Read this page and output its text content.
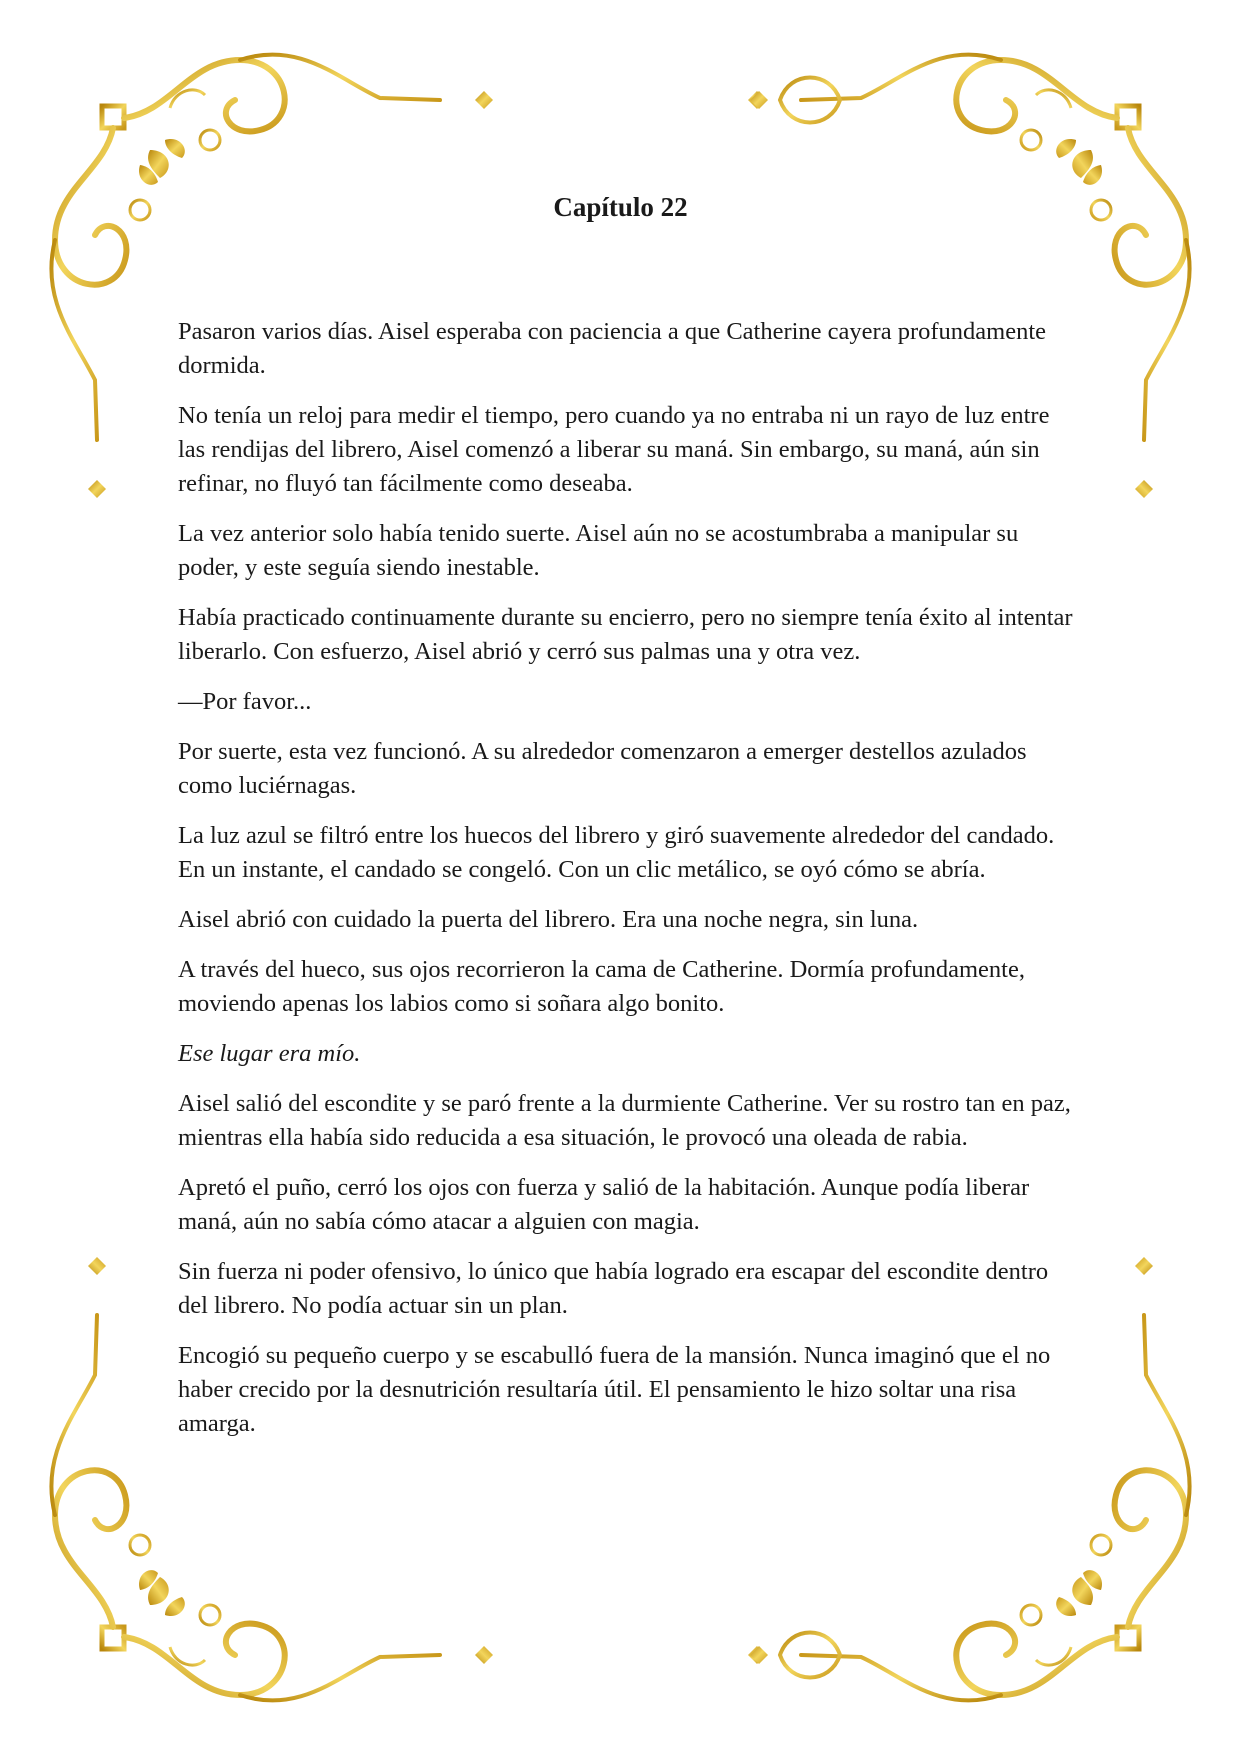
Capítulo 22

Pasaron varios días. Aisel esperaba con paciencia a que Catherine cayera profundamente dormida.

No tenía un reloj para medir el tiempo, pero cuando ya no entraba ni un rayo de luz entre las rendijas del librero, Aisel comenzó a liberar su maná. Sin embargo, su maná, aún sin refinar, no fluyó tan fácilmente como deseaba.

La vez anterior solo había tenido suerte. Aisel aún no se acostumbraba a manipular su poder, y este seguía siendo inestable.

Había practicado continuamente durante su encierro, pero no siempre tenía éxito al intentar liberarlo. Con esfuerzo, Aisel abrió y cerró sus palmas una y otra vez.

—Por favor...

Por suerte, esta vez funcionó. A su alrededor comenzaron a emerger destellos azulados como luciérnagas.

La luz azul se filtró entre los huecos del librero y giró suavemente alrededor del candado. En un instante, el candado se congeló. Con un clic metálico, se oyó cómo se abría.

Aisel abrió con cuidado la puerta del librero. Era una noche negra, sin luna.

A través del hueco, sus ojos recorrieron la cama de Catherine. Dormía profundamente, moviendo apenas los labios como si soñara algo bonito.

Ese lugar era mío.

Aisel salió del escondite y se paró frente a la durmiente Catherine. Ver su rostro tan en paz, mientras ella había sido reducida a esa situación, le provocó una oleada de rabia.

Apretó el puño, cerró los ojos con fuerza y salió de la habitación. Aunque podía liberar maná, aún no sabía cómo atacar a alguien con magia.

Sin fuerza ni poder ofensivo, lo único que había logrado era escapar del escondite dentro del librero. No podía actuar sin un plan.

Encogió su pequeño cuerpo y se escabulló fuera de la mansión. Nunca imaginó que el no haber crecido por la desnutrición resultaría útil. El pensamiento le hizo soltar una risa amarga.
